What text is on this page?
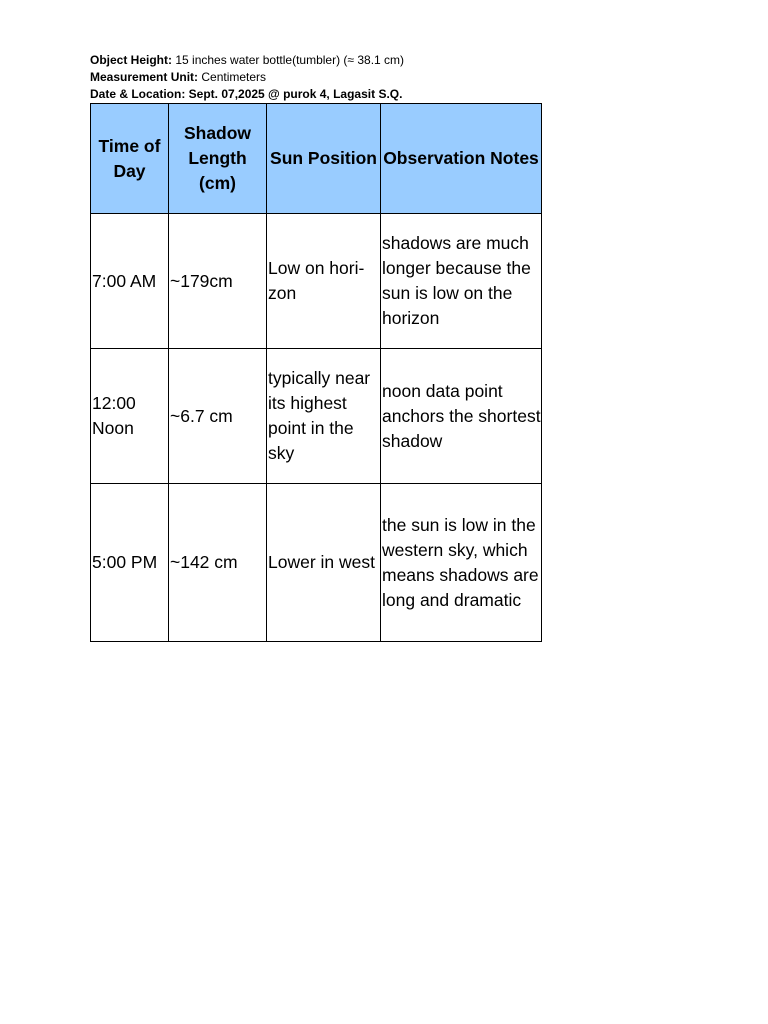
Object Height: 15 inches water bottle(tumbler) (≈ 38.1 cm)
Measurement Unit: Centimeters
Date & Location: Sept. 07,2025 @ purok 4, Lagasit S.Q.
Time of Day	Shadow Length (cm)	Sun Position	Observation Notes
7:00 AM	~179cm	Low on horizon	shadows are much longer because the sun is low on the horizon
12:00 Noon	~6.7 cm	typically near its highest point in the sky	noon data point anchors the shortest shadow
5:00 PM	~142 cm	Lower in west	the sun is low in the western sky, which means shadows are long and dramatic
